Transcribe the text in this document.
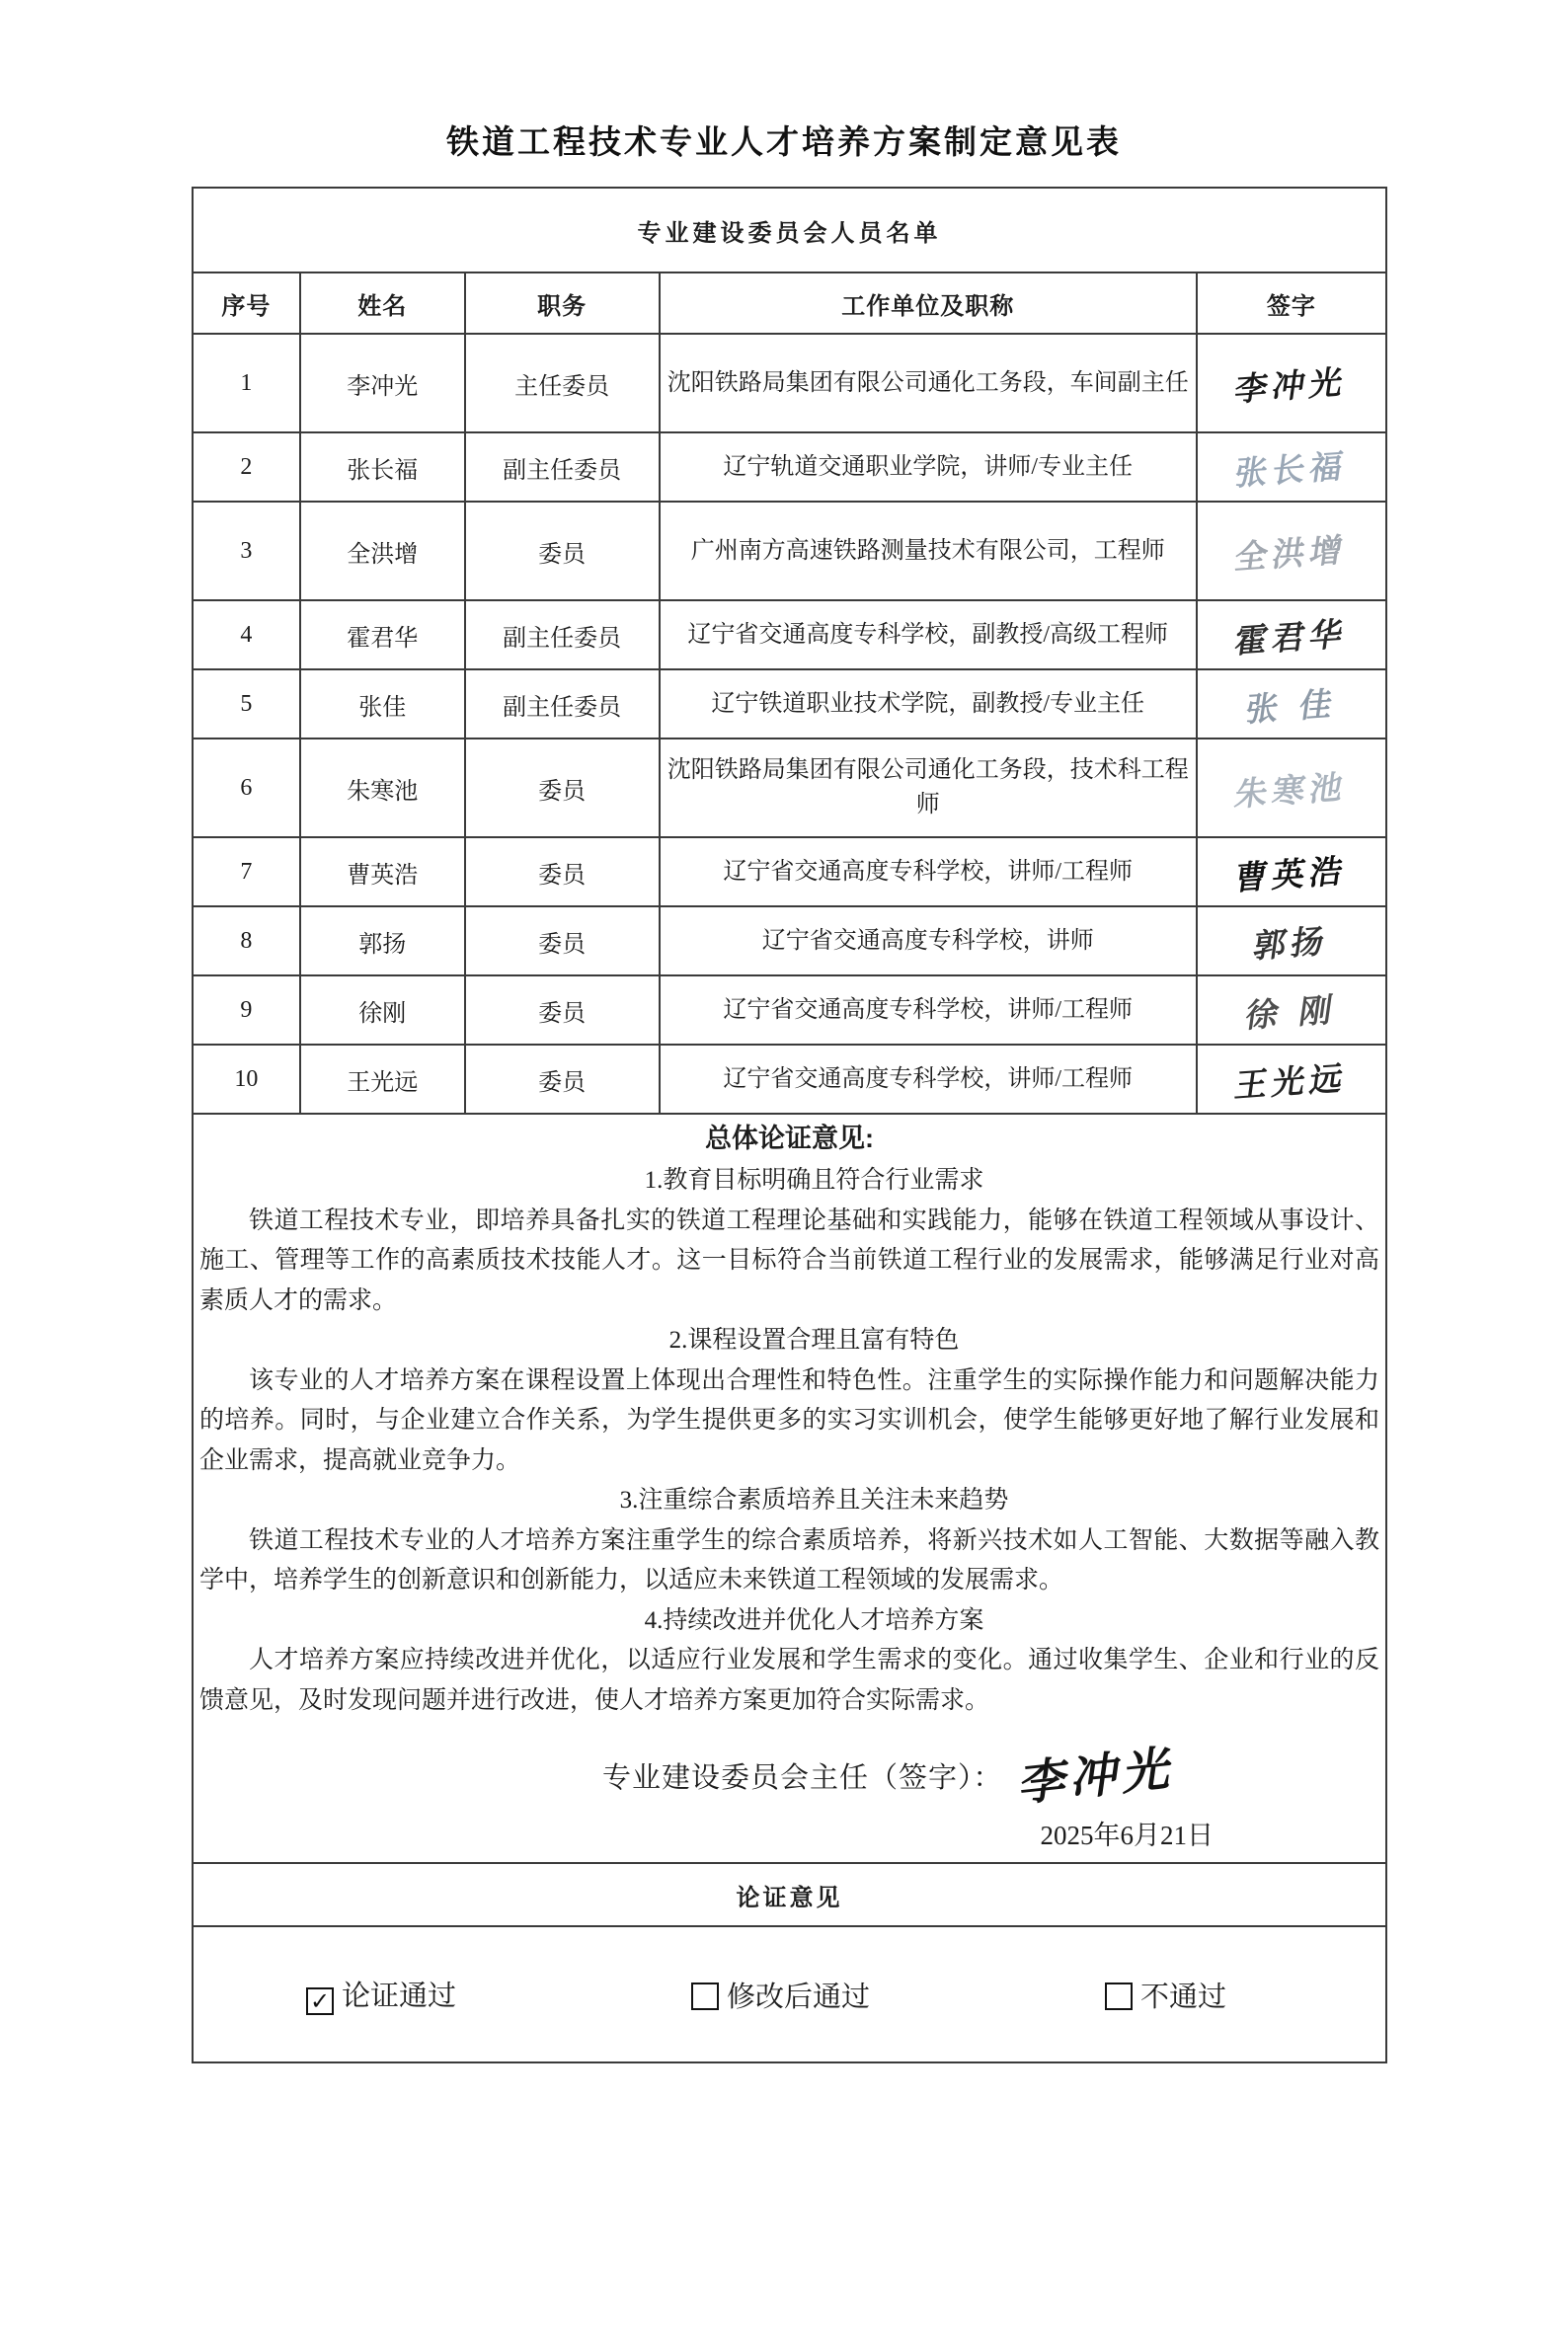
铁道工程技术专业人才培养方案制定意见表
专业建设委员会人员名单				
序号	姓名	职务	工作单位及职称	签字
1	李冲光	主任委员	沈阳铁路局集团有限公司通化工务段，车间副主任	李冲光
2	张长福	副主任委员	辽宁轨道交通职业学院，讲师/专业主任	张长福
3	全洪增	委员	广州南方高速铁路测量技术有限公司，工程师	全洪增
4	霍君华	副主任委员	辽宁省交通高度专科学校，副教授/高级工程师	霍君华
5	张佳	副主任委员	辽宁铁道职业技术学院，副教授/专业主任	张 佳
6	朱寒池	委员	沈阳铁路局集团有限公司通化工务段，技术科工程师	朱寒池
7	曹英浩	委员	辽宁省交通高度专科学校，讲师/工程师	曹英浩
8	郭扬	委员	辽宁省交通高度专科学校，讲师	郭扬
9	徐刚	委员	辽宁省交通高度专科学校，讲师/工程师	徐 刚
10	王光远	委员	辽宁省交通高度专科学校，讲师/工程师	王光远

总体论证意见:

1.教育目标明确且符合行业需求

铁道工程技术专业，即培养具备扎实的铁道工程理论基础和实践能力，能够在铁道工程领域从事设计、施工、管理等工作的高素质技术技能人才。这一目标符合当前铁道工程行业的发展需求，能够满足行业对高素质人才的需求。

2.课程设置合理且富有特色

该专业的人才培养方案在课程设置上体现出合理性和特色性。注重学生的实际操作能力和问题解决能力的培养。同时，与企业建立合作关系，为学生提供更多的实习实训机会，使学生能够更好地了解行业发展和企业需求，提高就业竞争力。

3.注重综合素质培养且关注未来趋势

铁道工程技术专业的人才培养方案注重学生的综合素质培养，将新兴技术如人工智能、大数据等融入教学中，培养学生的创新意识和创新能力，以适应未来铁道工程领域的发展需求。

4.持续改进并优化人才培养方案

人才培养方案应持续改进并优化，以适应行业发展和学生需求的变化。通过收集学生、企业和行业的反馈意见，及时发现问题并进行改进，使人才培养方案更加符合实际需求。

专业建设委员会主任（签字）： 李冲光
2025年6月21日

论证意见				

✓ 论证通过 修改后通过 不通过				
